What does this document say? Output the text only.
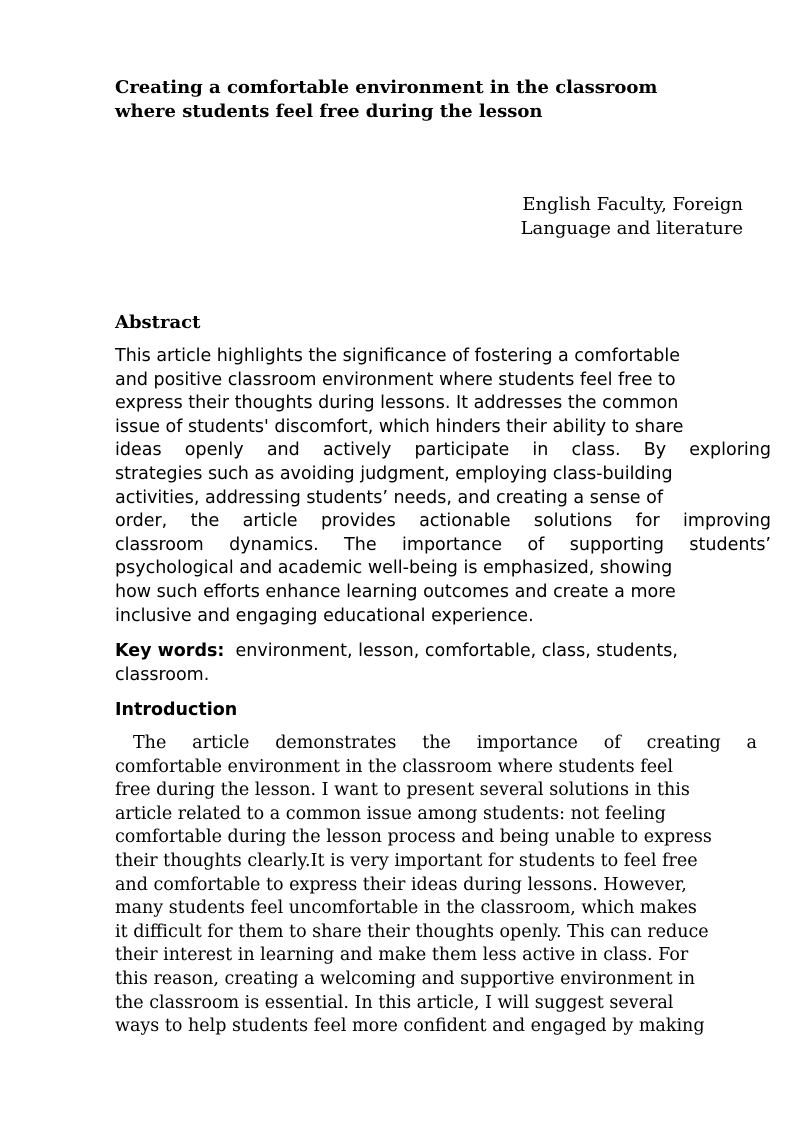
Creating a comfortable environment in the classroom
where students feel free during the lesson
English Faculty, Foreign
Language and literature
Abstract

This article highlights the significance of fostering a comfortable
and positive classroom environment where students feel free to
express their thoughts during lessons. It addresses the common
issue of students' discomfort, which hinders their ability to share
ideas openly and actively participate in class. By exploring
strategies such as avoiding judgment, employing class-building
activities, addressing students’ needs, and creating a sense of
order, the article provides actionable solutions for improving
classroom dynamics. The importance of supporting students’
psychological and academic well-being is emphasized, showing
how such efforts enhance learning outcomes and create a more
inclusive and engaging educational experience.

Key words: environment, lesson, comfortable, class, students, classroom.

Introduction

The article demonstrates the importance of creating a
comfortable environment in the classroom where students feel
free during the lesson. I want to present several solutions in this
article related to a common issue among students: not feeling
comfortable during the lesson process and being unable to express
their thoughts clearly.It is very important for students to feel free
and comfortable to express their ideas during lessons. However,
many students feel uncomfortable in the classroom, which makes
it difficult for them to share their thoughts openly. This can reduce
their interest in learning and make them less active in class. For
this reason, creating a welcoming and supportive environment in
the classroom is essential. In this article, I will suggest several
ways to help students feel more confident and engaged by making
